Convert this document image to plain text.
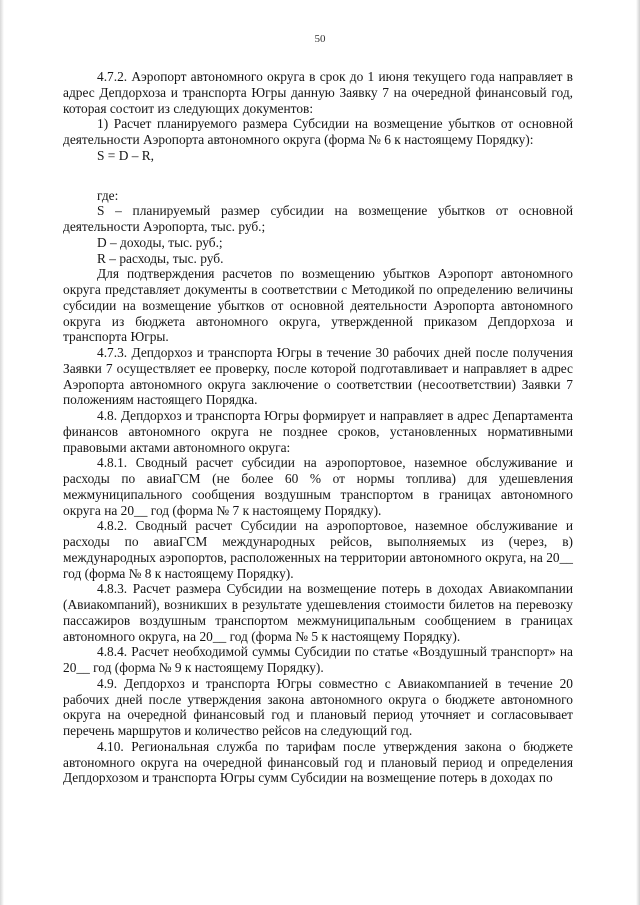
50

4.7.2. Аэропорт автономного округа в срок до 1 июня текущего года направляет в адрес Депдорхоза и транспорта Югры данную Заявку 7 на очередной финансовый год, которая состоит из следующих документов:

1) Расчет планируемого размера Субсидии на возмещение убытков от основной деятельности Аэропорта автономного округа (форма № 6 к настоящему Порядку):

S = D – R,

где:

S – планируемый размер субсидии на возмещение убытков от основной деятельности Аэропорта, тыс. руб.;

D – доходы, тыс. руб.;

R – расходы, тыс. руб.

Для подтверждения расчетов по возмещению убытков Аэропорт автономного округа представляет документы в соответствии с Методикой по определению величины субсидии на возмещение убытков от основной деятельности Аэропорта автономного округа из бюджета автономного округа, утвержденной приказом Депдорхоза и транспорта Югры.

4.7.3. Депдорхоз и транспорта Югры в течение 30 рабочих дней после получения Заявки 7 осуществляет ее проверку, после которой подготавливает и направляет в адрес Аэропорта автономного округа заключение о соответствии (несоответствии) Заявки 7 положениям настоящего Порядка.

4.8. Депдорхоз и транспорта Югры формирует и направляет в адрес Департамента финансов автономного округа не позднее сроков, установленных нормативными правовыми актами автономного округа:

4.8.1. Сводный расчет субсидии на аэропортовое, наземное обслуживание и расходы по авиаГСМ (не более 60 % от нормы топлива) для удешевления межмуниципального сообщения воздушным транспортом в границах автономного округа на 20__ год (форма № 7 к настоящему Порядку).

4.8.2. Сводный расчет Субсидии на аэропортовое, наземное обслуживание и расходы по авиаГСМ международных рейсов, выполняемых из (через, в) международных аэропортов, расположенных на территории автономного округа, на 20__ год (форма № 8 к настоящему Порядку).

4.8.3. Расчет размера Субсидии на возмещение потерь в доходах Авиакомпании (Авиакомпаний), возникших в результате удешевления стоимости билетов на перевозку пассажиров воздушным транспортом межмуниципальным сообщением в границах автономного округа, на 20__ год (форма № 5 к настоящему Порядку).

4.8.4. Расчет необходимой суммы Субсидии по статье «Воздушный транспорт» на 20__ год (форма № 9 к настоящему Порядку).

4.9. Депдорхоз и транспорта Югры совместно с Авиакомпанией в течение 20 рабочих дней после утверждения закона автономного округа о бюджете автономного округа на очередной финансовый год и плановый период уточняет и согласовывает перечень маршрутов и количество рейсов на следующий год.

4.10. Региональная служба по тарифам после утверждения закона о бюджете автономного округа на очередной финансовый год и плановый период и определения Депдорхозом и транспорта Югры сумм Субсидии на возмещение потерь в доходах по
